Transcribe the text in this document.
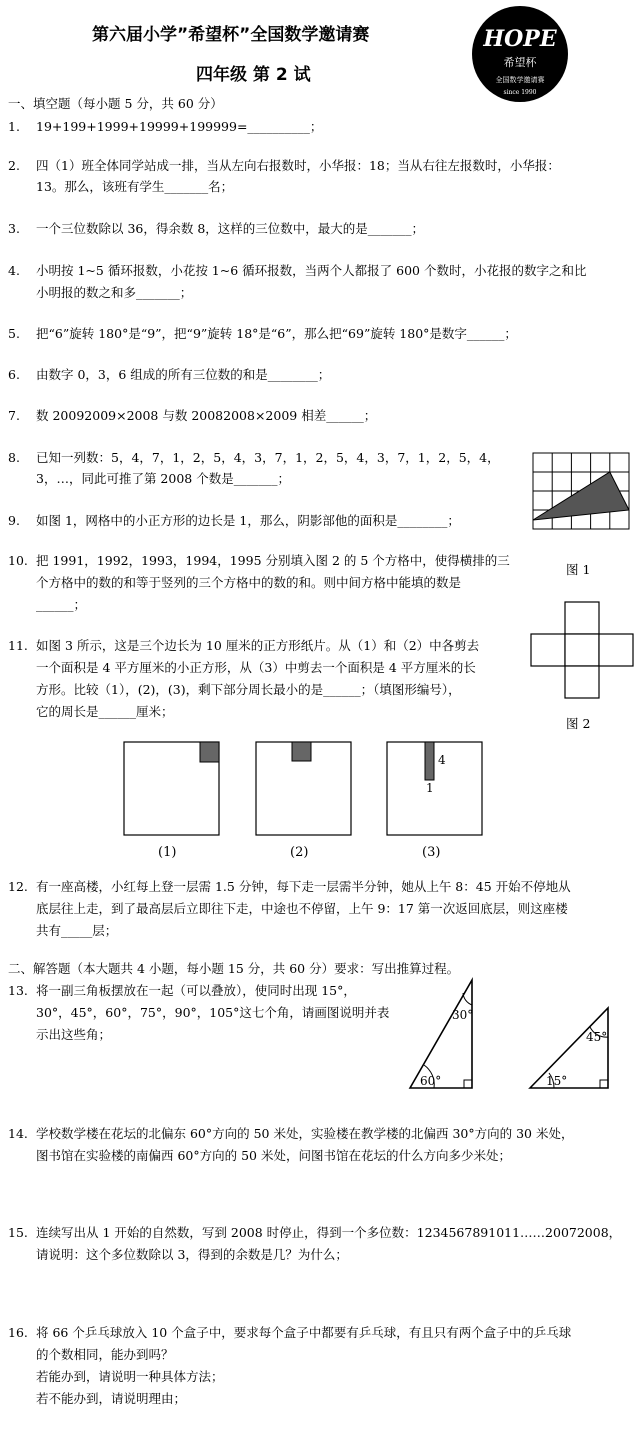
第六届小学”希望杯”全国数学邀请赛
四年级 第 2 试
HOPE
希望杯
全国数学邀请赛
since 1990
一、填空题（每小题 5 分，共 60 分）
1. 19+199+1999+19999+199999=__________；
2. 四（1）班全体同学站成一排，当从左向右报数时，小华报：18；当从右往左报数时，小华报：
13。那么，该班有学生_______名；
3. 一个三位数除以 36，得余数 8，这样的三位数中，最大的是_______；
4. 小明按 1~5 循环报数，小花按 1~6 循环报数，当两个人都报了 600 个数时，小花报的数字之和比
小明报的数之和多_______；
5. 把“6”旋转 180°是“9”，把“9”旋转 18°是“6”，那么把“69”旋转 180°是数字______；
6. 由数字 0，3，6 组成的所有三位数的和是________；
7. 数 20092009×2008 与数 20082008×2009 相差______；
8. 已知一列数：5，4，7，1，2，5，4，3，7，1，2，5，4，3，7，1，2，5，4，
3，…，同此可推了第 2008 个数是_______；
图 1
9. 如图 1，网格中的小正方形的边长是 1，那么，阴影部他的面积是________；
10. 把 1991，1992，1993，1994，1995 分别填入图 2 的 5 个方格中，使得横排的三
个方格中的数的和等于竖列的三个方格中的数的和。则中间方格中能填的数是
______；
图 2
11. 如图 3 所示，这是三个边长为 10 厘米的正方形纸片。从（1）和（2）中各剪去
一个面积是 4 平方厘米的小正方形，从（3）中剪去一个面积是 4 平方厘米的长
方形。比较（1），(2)，(3)，剩下部分周长最小的是______；（填图形编号），
它的周长是______厘米；
4
1
(1)	(2)	(3)
12. 有一座高楼，小红每上登一层需 1.5 分钟，每下走一层需半分钟，她从上午 8：45 开始不停地从
底层往上走，到了最高层后立即往下走，中途也不停留，上午 9：17 第一次返回底层，则这座楼
共有_____层；
二、解答题（本大题共 4 小题，每小题 15 分，共 60 分）要求：写出推算过程。
13. 将一副三角板摆放在一起（可以叠放），使同时出现 15°，
30°，45°，60°，75°，90°，105°这七个角，请画图说明并表
示出这些角；
30°
60°
45°
15°
14. 学校数学楼在花坛的北偏东 60°方向的 50 米处，实验楼在教学楼的北偏西 30°方向的 30 米处，
图书馆在实验楼的南偏西 60°方向的 50 米处，问图书馆在花坛的什么方向多少米处；
15. 连续写出从 1 开始的自然数，写到 2008 时停止，得到一个多位数：1234567891011……20072008，
请说明：这个多位数除以 3，得到的余数是几？为什么；
16. 将 66 个乒乓球放入 10 个盒子中，要求每个盒子中都要有乒乓球，有且只有两个盒子中的乒乓球
的个数相同，能办到吗？
若能办到，请说明一种具体方法；
若不能办到，请说明理由；
